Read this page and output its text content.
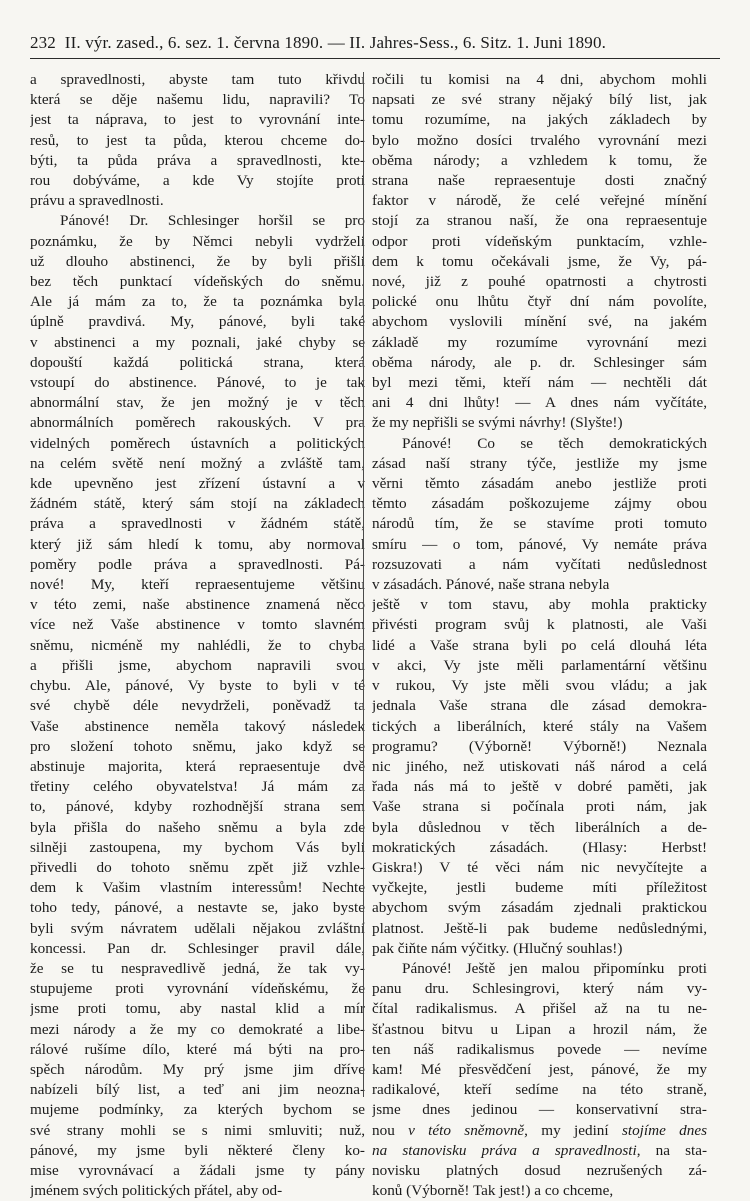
232 II. výr. zased., 6. sez. 1. června 1890. — II. Jahres-Sess., 6. Sitz. 1. Juni 1890.

a spravedlnosti, abyste tam tuto křivdu

která se děje našemu lidu, napravili? To

jest ta náprava, to jest to vyrovnání inte-

resů, to jest ta půda, kterou chceme do-

býti, ta půda práva a spravedlnosti, kte-

rou dobýváme, a kde Vy stojíte proti

právu a spravedlnosti.

Pánové! Dr. Schlesinger horšil se pro

poznámku, že by Němci nebyli vydrželi

už dlouho abstinenci, že by byli přišli

bez těch punktací vídeňských do sněmu.

Ale já mám za to, že ta poznámka byla

úplně pravdivá. My, pánové, byli také

v abstinenci a my poznali, jaké chyby se

dopouští každá politická strana, která

vstoupí do abstinence. Pánové, to je tak

abnormální stav, že jen možný je v těch

abnormálních poměrech rakouských. V pra

videlných poměrech ústavních a politických

na celém světě není možný a zvláště tam,

kde upevněno jest zřízení ústavní a v

žádném státě, který sám stojí na základech

práva a spravedlnosti v žádném státě,

který již sám hledí k tomu, aby normoval

poměry podle práva a spravedlnosti. Pá-

nové! My, kteří repraesentujeme většinu

v této zemi, naše abstinence znamená něco

více než Vaše abstinence v tomto slavném

sněmu, nicméně my nahlédli, že to chyba

a přišli jsme, abychom napravili svou

chybu. Ale, pánové, Vy byste to byli v té

své chybě déle nevydrželi, poněvadž ta

Vaše abstinence neměla takový následek

pro složení tohoto sněmu, jako když se

abstinuje majorita, která repraesentuje dvě

třetiny celého obyvatelstva! Já mám za

to, pánové, kdyby rozhodnější strana sem

byla přišla do našeho sněmu a byla zde

silněji zastoupena, my bychom Vás byli

přivedli do tohoto sněmu zpět již vzhle-

dem k Vašim vlastním interessům! Nechte

toho tedy, pánové, a nestavte se, jako byste

byli svým návratem udělali nějakou zvláštní

koncessi. Pan dr. Schlesinger pravil dále,

že se tu nespravedlivě jedná, že tak vy-

stupujeme proti vyrovnání vídeňskému, že

jsme proti tomu, aby nastal klid a mír

mezi národy a že my co demokraté a libe-

rálové rušíme dílo, které má býti na pro-

spěch národům. My prý jsme jim dříve

nabízeli bílý list, a teď ani jim neozna-

mujeme podmínky, za kterých bychom se

své strany mohli se s nimi smluviti; nuž,

pánové, my jsme byli některé členy ko-

mise vyrovnávací a žádali jsme ty pány

jménem svých politických přátel, aby od-

ročili tu komisi na 4 dni, abychom mohli

napsati ze své strany nějaký bílý list, jak

tomu rozumíme, na jakých základech by

bylo možno dosíci trvalého vyrovnání mezi

oběma národy; a vzhledem k tomu, že

strana naše repraesentuje dosti značný

faktor v národě, že celé veřejné mínění

stojí za stranou naší, že ona repraesentuje

odpor proti vídeňským punktacím, vzhle-

dem k tomu očekávali jsme, že Vy, pá-

nové, již z pouhé opatrnosti a chytrosti

polické onu lhůtu čtyř dní nám povolíte,

abychom vyslovili mínění své, na jakém

základě my rozumíme vyrovnání mezi

oběma národy, ale p. dr. Schlesinger sám

byl mezi těmi, kteří nám — nechtěli dát

ani 4 dni lhůty! — A dnes nám vyčítáte,

že my nepřišli se svými návrhy! (Slyšte!)

Pánové! Co se těch demokratických

zásad naší strany týče, jestliže my jsme

věrni těmto zásadám anebo jestliže proti

těmto zásadám poškozujeme zájmy obou

národů tím, že se stavíme proti tomuto

smíru — o tom, pánové, Vy nemáte práva

rozsuzovati a nám vyčítati nedůslednost

v zásadách. Pánové, naše strana nebyla

ještě v tom stavu, aby mohla prakticky

přivésti program svůj k platnosti, ale Vaši

lidé a Vaše strana byli po celá dlouhá léta

v akci, Vy jste měli parlamentární většinu

v rukou, Vy jste měli svou vládu; a jak

jednala Vaše strana dle zásad demokra-

tických a liberálních, které stály na Vašem

programu? (Výborně! Výborně!) Neznala

nic jiného, než utiskovati náš národ a celá

řada nás má to ještě v dobré paměti, jak

Vaše strana si počínala proti nám, jak

byla důslednou v těch liberálních a de-

mokratických zásadách. (Hlasy: Herbst!

Giskra!) V té věci nám nic nevyčítejte a

vyčkejte, jestli budeme míti příležitost

abychom svým zásadám zjednali praktickou

platnost. Ještě-li pak budeme nedůslednými,

pak čiňte nám výčitky. (Hlučný souhlas!)

Pánové! Ještě jen malou připomínku proti

panu dru. Schlesingrovi, který nám vy-

čítal radikalismus. A přišel až na tu ne-

šťastnou bitvu u Lipan a hrozil nám, že

ten náš radikalismus povede — nevíme

kam! Mé přesvědčení jest, pánové, že my

radikalové, kteří sedíme na této straně,

jsme dnes jedinou — konservativní stra-

nou v této sněmovně, my jediní stojíme dnes

na stanovisku práva a spravedlnosti, na sta-

novisku platných dosud nezrušených zá-

konů (Výborně! Tak jest!) a co chceme,
